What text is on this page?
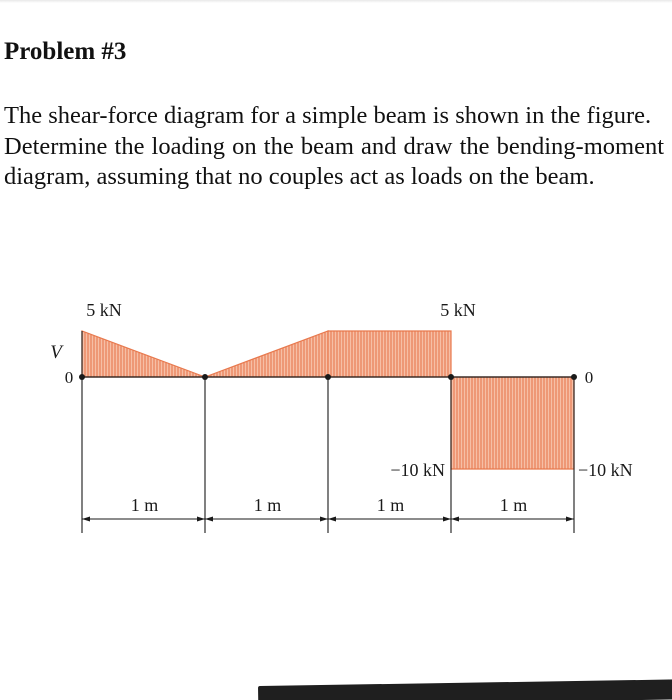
Problem #3

The shear-force diagram for a simple beam is shown in the figure.

Determine the loading on the beam and draw the bending-moment diagram, assuming that no couples act as loads on the beam.

1 m	1 m	1 m	1 m
V
0	0
5 kN	5 kN
−10 kN	−10 kN
